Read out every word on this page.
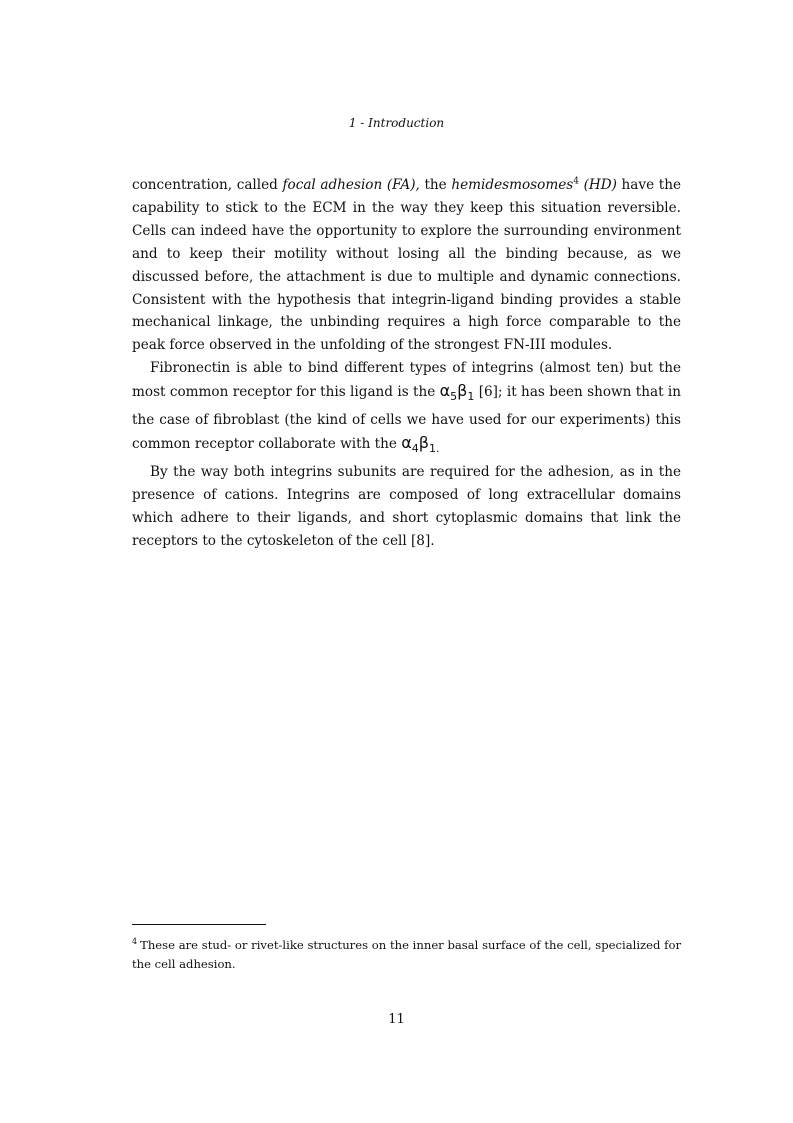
1 - Introduction

concentration, called focal adhesion (FA), the hemidesmosomes$^4$ (HD) have the capability to stick to the ECM in the way they keep this situation reversible. Cells can indeed have the opportunity to explore the surrounding environment and to keep their motility without losing all the binding because, as we discussed before, the attachment is due to multiple and dynamic connections. Consistent with the hypothesis that integrin-ligand binding provides a stable mechanical linkage, the unbinding requires a high force comparable to the peak force observed in the unfolding of the strongest FN-III modules.

Fibronectin is able to bind different types of integrins (almost ten) but the most common receptor for this ligand is the $\alpha_5\beta_1$ [6]; it has been shown that in the case of fibroblast (the kind of cells we have used for our experiments) this common receptor collaborate with the $\alpha_4\beta_{1.}$

By the way both integrins subunits are required for the adhesion, as in the presence of cations. Integrins are composed of long extracellular domains which adhere to their ligands, and short cytoplasmic domains that link the receptors to the cytoskeleton of the cell [8].

$^4$ These are stud- or rivet-like structures on the inner basal surface of the cell, specialized for the cell adhesion.
11
